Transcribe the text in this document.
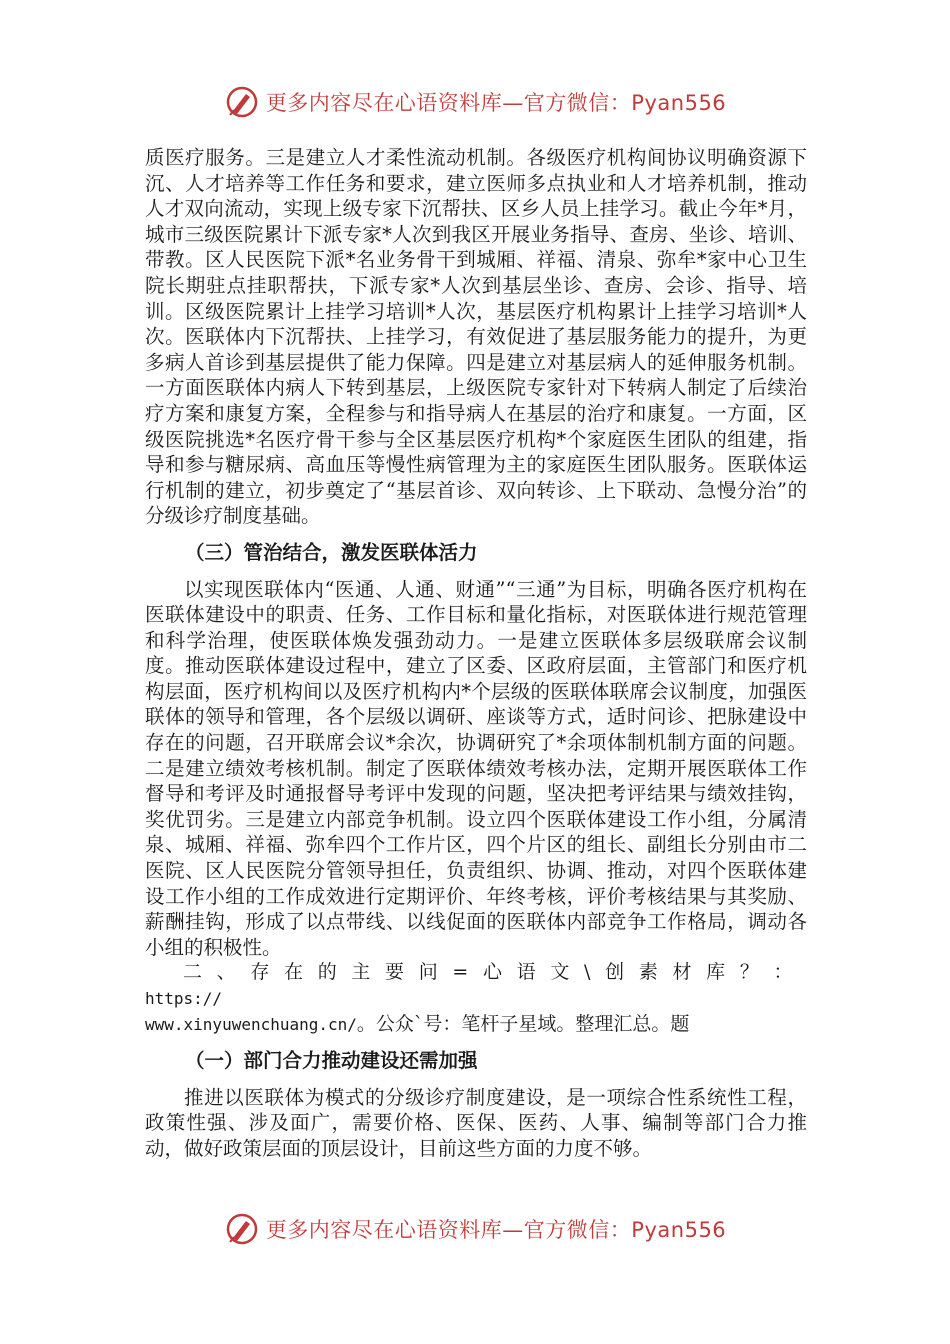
更多内容尽在心语资料库—官方微信：Pyan556

质医疗服务。三是建立人才柔性流动机制。各级医疗机构间协议明确资源下沉、人才培养等工作任务和要求，建立医师多点执业和人才培养机制，推动人才双向流动，实现上级专家下沉帮扶、区乡人员上挂学习。截止今年*月，城市三级医院累计下派专家*人次到我区开展业务指导、查房、坐诊、培训、带教。区人民医院下派*名业务骨干到城厢、祥福、清泉、弥牟*家中心卫生院长期驻点挂职帮扶，下派专家*人次到基层坐诊、查房、会诊、指导、培训。区级医院累计上挂学习培训*人次，基层医疗机构累计上挂学习培训*人次。医联体内下沉帮扶、上挂学习，有效促进了基层服务能力的提升，为更多病人首诊到基层提供了能力保障。四是建立对基层病人的延伸服务机制。一方面医联体内病人下转到基层，上级医院专家针对下转病人制定了后续治疗方案和康复方案，全程参与和指导病人在基层的治疗和康复。一方面，区级医院挑选*名医疗骨干参与全区基层医疗机构*个家庭医生团队的组建，指导和参与糖尿病、高血压等慢性病管理为主的家庭医生团队服务。医联体运行机制的建立，初步奠定了“基层首诊、双向转诊、上下联动、急慢分治”的分级诊疗制度基础。

（三）管治结合，激发医联体活力

以实现医联体内“医通、人通、财通”“三通”为目标，明确各医疗机构在医联体建设中的职责、任务、工作目标和量化指标，对医联体进行规范管理和科学治理，使医联体焕发强劲动力。一是建立医联体多层级联席会议制度。推动医联体建设过程中，建立了区委、区政府层面，主管部门和医疗机构层面，医疗机构间以及医疗机构内*个层级的医联体联席会议制度，加强医联体的领导和管理，各个层级以调研、座谈等方式，适时问诊、把脉建设中存在的问题，召开联席会议*余次，协调研究了*余项体制机制方面的问题。二是建立绩效考核机制。制定了医联体绩效考核办法，定期开展医联体工作督导和考评及时通报督导考评中发现的问题，坚决把考评结果与绩效挂钩，奖优罚劣。三是建立内部竞争机制。设立四个医联体建设工作小组，分属清泉、城厢、祥福、弥牟四个工作片区，四个片区的组长、副组长分别由市二医院、区人民医院分管领导担任，负责组织、协调、推动，对四个医联体建设工作小组的工作成效进行定期评价、年终考核，评价考核结果与其奖励、薪酬挂钩，形成了以点带线、以线促面的医联体内部竞争工作格局，调动各小组的积极性。

二、存在的主要问=心语文\创素材库？：https://
www.xinyuwenchuang.cn/。公众`号：笔杆子星域。整理汇总。题

（一）部门合力推动建设还需加强

推进以医联体为模式的分级诊疗制度建设，是一项综合性系统性工程，政策性强、涉及面广，需要价格、医保、医药、人事、编制等部门合力推动，做好政策层面的顶层设计，目前这些方面的力度不够。

更多内容尽在心语资料库—官方微信：Pyan556
